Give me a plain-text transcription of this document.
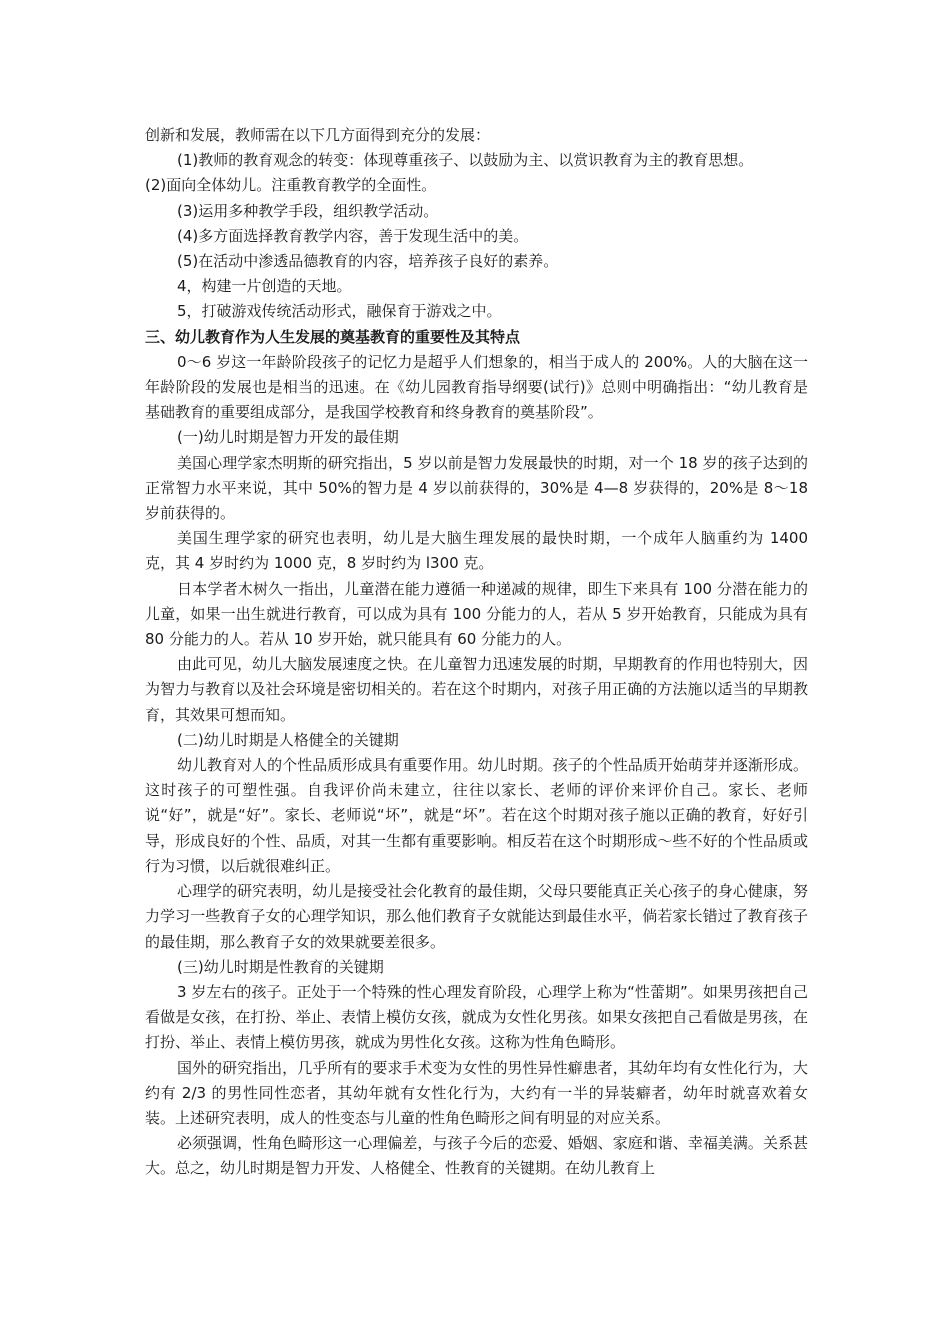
创新和发展，教师需在以下几方面得到充分的发展：

(1)教师的教育观念的转变：体现尊重孩子、以鼓励为主、以赏识教育为主的教育思想。

(2)面向全体幼儿。注重教育教学的全面性。

(3)运用多种教学手段，组织教学活动。

(4)多方面选择教育教学内容，善于发现生活中的美。

(5)在活动中渗透品德教育的内容，培养孩子良好的素养。

4，构建一片创造的天地。

5，打破游戏传统活动形式，融保育于游戏之中。

三、幼儿教育作为人生发展的奠基教育的重要性及其特点

0～6 岁这一年龄阶段孩子的记忆力是超乎人们想象的，相当于成人的 200%。人的大脑在这一年龄阶段的发展也是相当的迅速。在《幼儿园教育指导纲要(试行)》总则中明确指出：“幼儿教育是基础教育的重要组成部分，是我国学校教育和终身教育的奠基阶段”。

(一)幼儿时期是智力开发的最佳期

美国心理学家杰明斯的研究指出，5 岁以前是智力发展最快的时期，对一个 18 岁的孩子达到的正常智力水平来说，其中 50%的智力是 4 岁以前获得的，30%是 4—8 岁获得的，20%是 8～18 岁前获得的。

美国生理学家的研究也表明，幼儿是大脑生理发展的最快时期，一个成年人脑重约为 1400 克，其 4 岁时约为 1000 克，8 岁时约为 l300 克。

日本学者木树久一指出，儿童潜在能力遵循一种递减的规律，即生下来具有 100 分潜在能力的儿童，如果一出生就进行教育，可以成为具有 100 分能力的人，若从 5 岁开始教育，只能成为具有 80 分能力的人。若从 10 岁开始，就只能具有 60 分能力的人。

由此可见，幼儿大脑发展速度之快。在儿童智力迅速发展的时期，早期教育的作用也特别大，因为智力与教育以及社会环境是密切相关的。若在这个时期内，对孩子用正确的方法施以适当的早期教育，其效果可想而知。

(二)幼儿时期是人格健全的关键期

幼儿教育对人的个性品质形成具有重要作用。幼儿时期。孩子的个性品质开始萌芽并逐渐形成。这时孩子的可塑性强。自我评价尚未建立，往往以家长、老师的评价来评价自己。家长、老师说“好”，就是“好”。家长、老师说“坏”，就是“坏”。若在这个时期对孩子施以正确的教育，好好引导，形成良好的个性、品质，对其一生都有重要影响。相反若在这个时期形成～些不好的个性品质或行为习惯，以后就很难纠正。

心理学的研究表明，幼儿是接受社会化教育的最佳期，父母只要能真正关心孩子的身心健康，努力学习一些教育子女的心理学知识，那么他们教育子女就能达到最佳水平，倘若家长错过了教育孩子的最佳期，那么教育子女的效果就要差很多。

(三)幼儿时期是性教育的关键期

3 岁左右的孩子。正处于一个特殊的性心理发育阶段，心理学上称为“性蕾期”。如果男孩把自己看做是女孩，在打扮、举止、表情上模仿女孩，就成为女性化男孩。如果女孩把自己看做是男孩，在打扮、举止、表情上模仿男孩，就成为男性化女孩。这称为性角色畸形。

国外的研究指出，几乎所有的要求手术变为女性的男性异性癖患者，其幼年均有女性化行为，大约有 2/3 的男性同性恋者，其幼年就有女性化行为，大约有一半的异装癖者，幼年时就喜欢着女装。上述研究表明，成人的性变态与儿童的性角色畸形之间有明显的对应关系。

必须强调，性角色畸形这一心理偏差，与孩子今后的恋爱、婚姻、家庭和谐、幸福美满。关系甚大。总之，幼儿时期是智力开发、人格健全、性教育的关键期。在幼儿教育上
